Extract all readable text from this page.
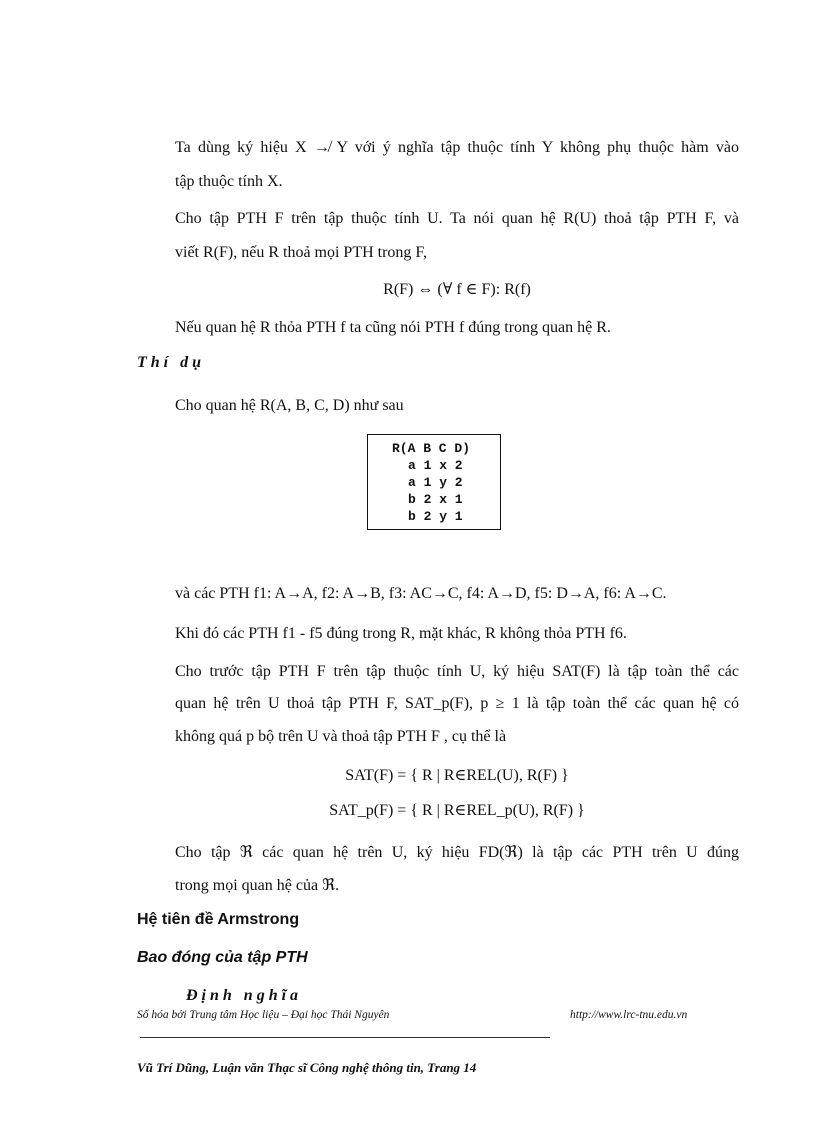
Ta dùng ký hiệu X ↛ Y với ý nghĩa tập thuộc tính Y không phụ thuộc hàm vào
tập thuộc tính X.
Cho tập PTH F trên tập thuộc tính U. Ta nói quan hệ R(U) thoả tập PTH F, và
viết R(F), nếu R thoả mọi PTH trong F,
R(F) ⇔ (∀ f ∈ F): R(f)
Nếu quan hệ R thỏa PTH f ta cũng nói PTH f đúng trong quan hệ R.
Thí dụ
Cho quan hệ R(A, B, C, D) như sau
R(A B C D)
a 1 x 2
a 1 y 2
b 2 x 1
b 2 y 1
và các PTH f1: A→A, f2: A→B, f3: AC→C, f4: A→D, f5: D→A, f6: A→C.
Khi đó các PTH f1 - f5 đúng trong R, mặt khác, R không thỏa PTH f6.
Cho trước tập PTH F trên tập thuộc tính U, ký hiệu SAT(F) là tập toàn thể các
quan hệ trên U thoả tập PTH F, SAT_p(F), p ≥ 1 là tập toàn thể các quan hệ có
không quá p bộ trên U và thoả tập PTH F , cụ thể là
SAT(F) = { R | R∈REL(U), R(F) }
SAT_p(F) = { R | R∈REL_p(U), R(F) }
Cho tập ℜ các quan hệ trên U, ký hiệu FD(ℜ) là tập các PTH trên U đúng
trong mọi quan hệ của ℜ.
Hệ tiên đề Armstrong
Bao đóng của tập PTH
Định nghĩa
Số hóa bởi Trung tâm Học liệu – Đại học Thái Nguyên	http://www.lrc-tnu.edu.vn
Vũ Trí Dũng, Luận văn Thạc sĩ Công nghệ thông tin, Trang 14
